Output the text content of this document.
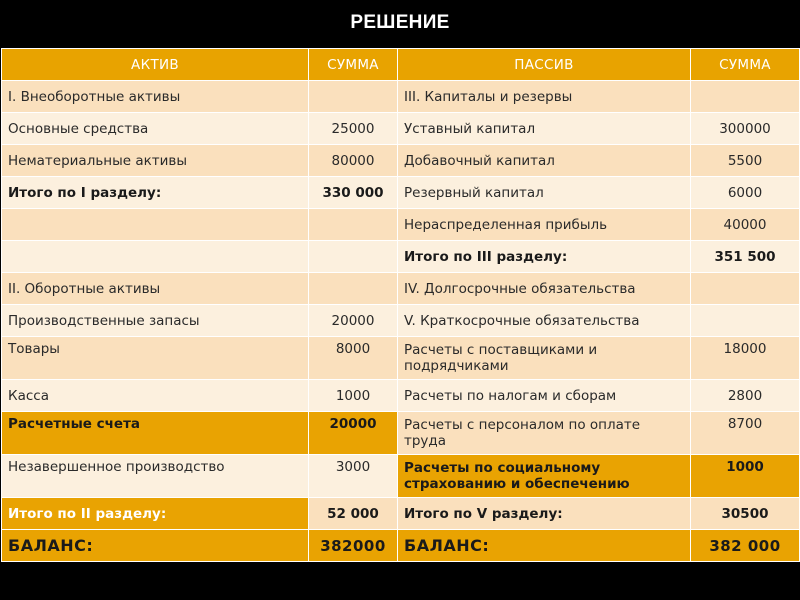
РЕШЕНИЕ
АКТИВ	СУММА	ПАССИВ	СУММА
I. Внеоборотные активы		III. Капиталы и резервы	
Основные средства	25000	Уставный капитал	300000
Нематериальные активы	80000	Добавочный капитал	5500
Итого по I разделу:	330 000	Резервный капитал	6000
		Нераспределенная прибыль	40000
		Итого по III разделу:	351 500
II. Оборотные активы		IV. Долгосрочные обязательства	
Производственные запасы	20000	V. Краткосрочные обязательства	
Товары	8000	Расчеты с поставщиками и подрядчиками	18000
Касса	1000	Расчеты по налогам и сборам	2800
Расчетные счета	20000	Расчеты с персоналом по оплате труда	8700
Незавершенное производство	3000	Расчеты по социальному страхованию и обеспечению	1000
Итого по II разделу:	52 000	Итого по V разделу:	30500
БАЛАНС:	382000	БАЛАНС:	382 000
